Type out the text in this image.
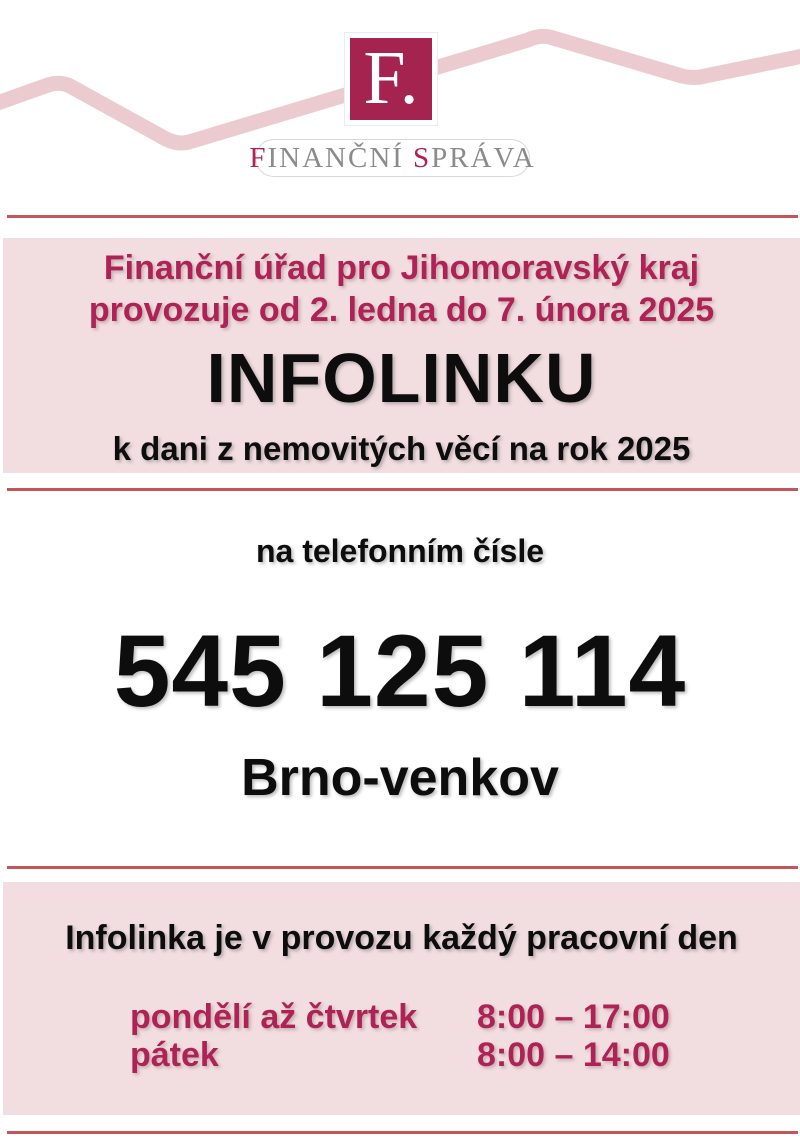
F.
F INANČNÍ S PRÁVA

Finanční úřad pro Jihomoravský kraj

provozuje od 2. ledna do 7. února 2025

INFOLINKU

k dani z nemovitých věcí na rok 2025

na telefonním čísle
545 125 114
Brno-venkov

Infolinka je v provozu každý pracovní den

pondělí až čtvrtek	8:00 – 17:00
pátek	8:00 – 14:00
